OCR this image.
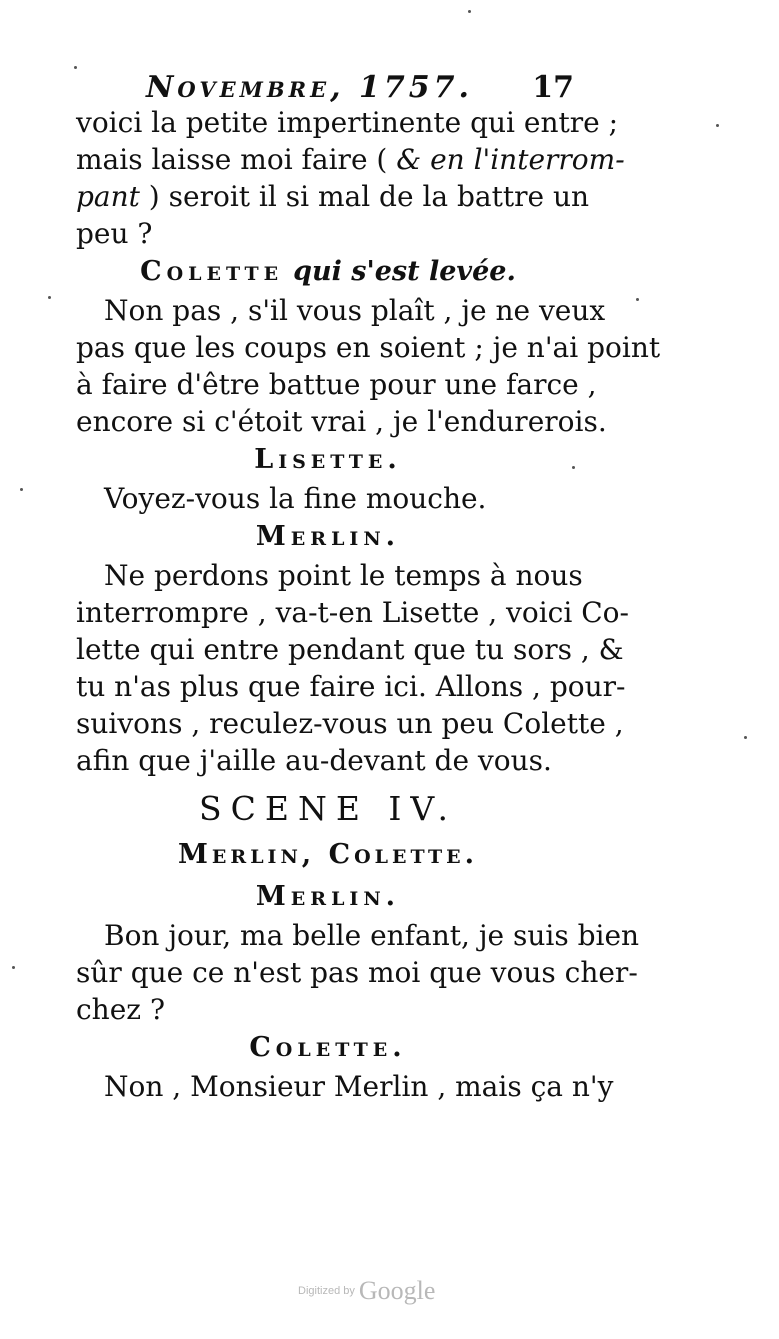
Novembre, 1757. 17
voici la petite impertinente qui entre ;
mais laisse moi faire ( & en l'interrom-
pant ) seroit il si mal de la battre un
peu ?
Colette qui s'est levée.
Non pas , s'il vous plaît , je ne veux
pas que les coups en soient ; je n'ai point
à faire d'être battue pour une farce ,
encore si c'étoit vrai , je l'endurerois.
Lisette.
Voyez-vous la fine mouche.
Merlin.
Ne perdons point le temps à nous
interrompre , va-t-en Lisette , voici Co-
lette qui entre pendant que tu sors , &
tu n'as plus que faire ici. Allons , pour-
suivons , reculez-vous un peu Colette ,
afin que j'aille au-devant de vous.
SCENE IV.
Merlin, Colette.
Merlin.
Bon jour, ma belle enfant, je suis bien
sûr que ce n'est pas moi que vous cher-
chez ?
Colette.
Non , Monsieur Merlin , mais ça n'y
Digitized by Google
